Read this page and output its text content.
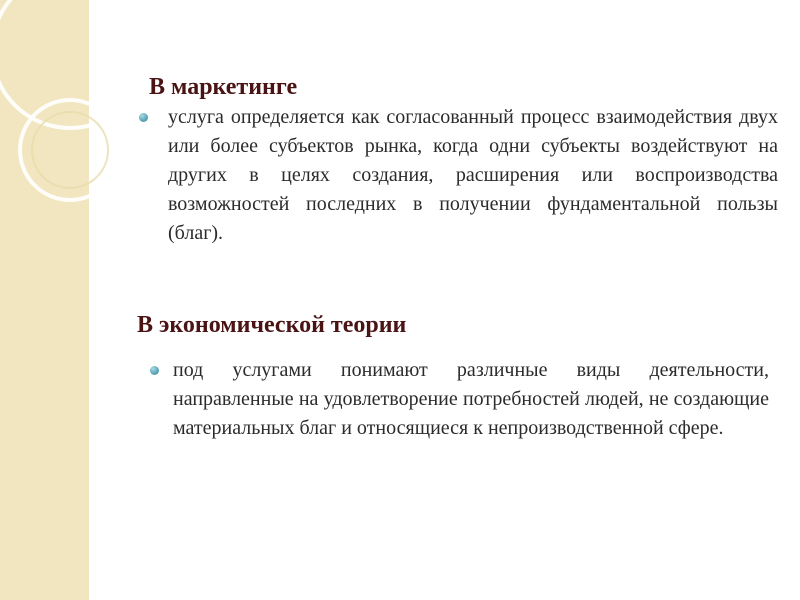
В маркетинге

услуга определяется как согласованный процесс взаимодействия двух или более субъектов рынка, когда одни субъекты воздействуют на других в целях создания, расширения или воспроизводства возможностей последних в получении фундаментальной пользы (благ).

В экономической теории

под услугами понимают различные виды деятельности, направленные на удовлетворение потребностей людей, не создающие материальных благ и относящиеся к непроизводственной сфере.
